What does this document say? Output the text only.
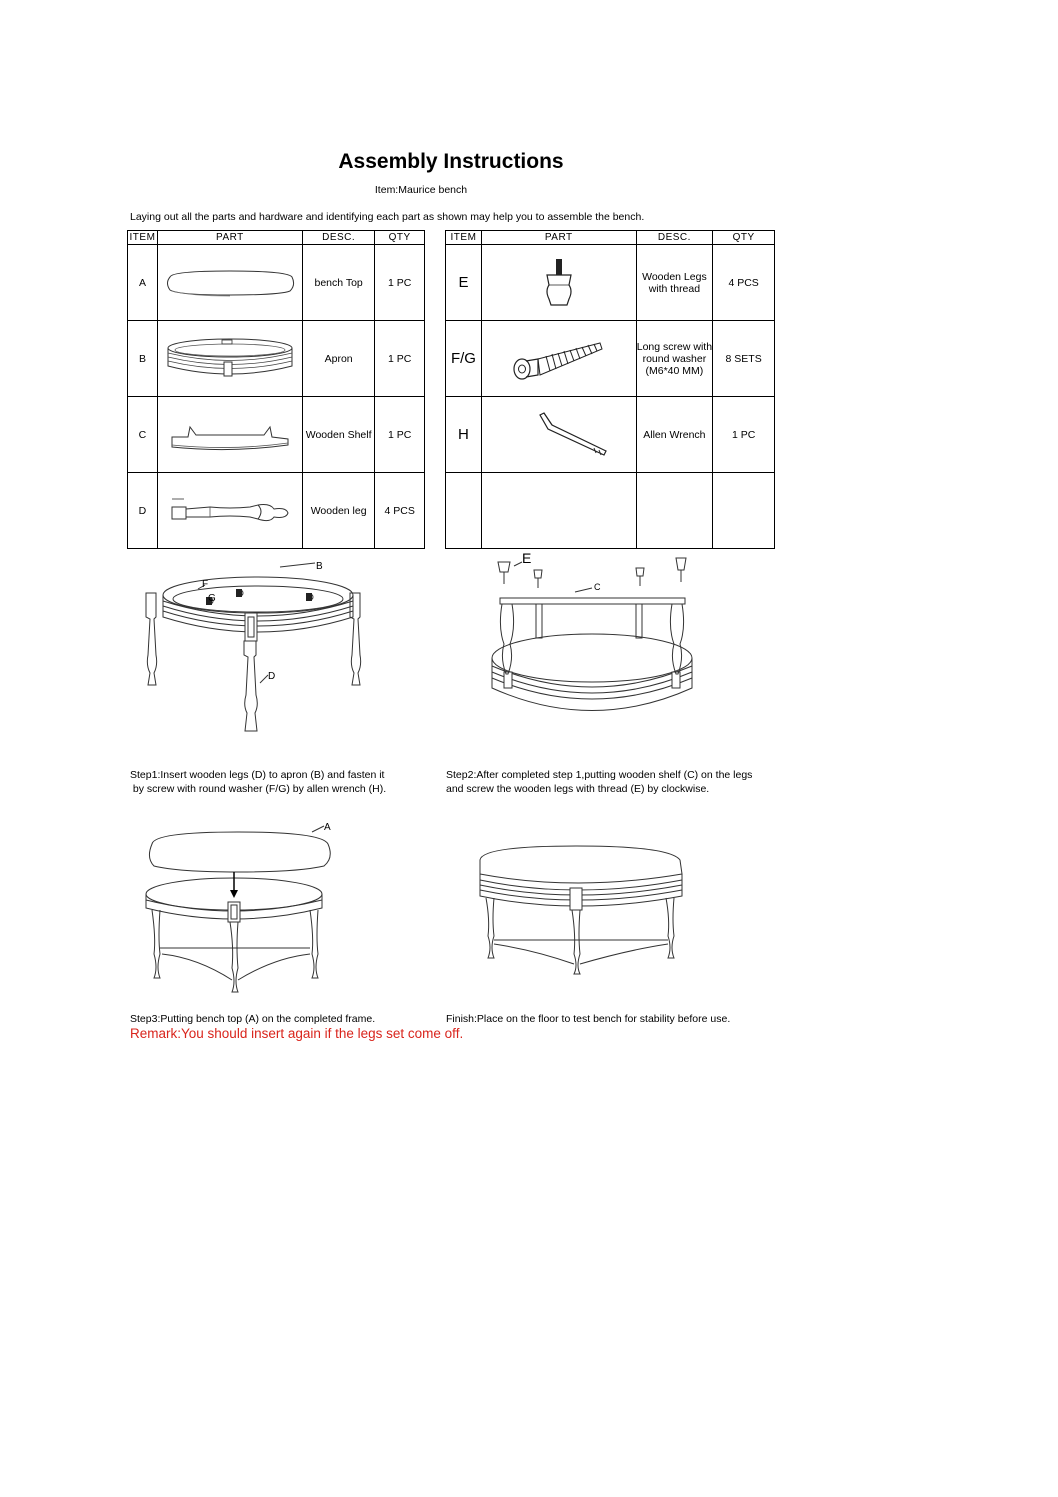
Assembly Instructions
Item:Maurice bench
Laying out all the parts and hardware and identifying each part as shown may help you to assemble the bench.
ITEM	PART	DESC.	QTY
A		bench Top	1 PC
B		Apron	1 PC
C		Wooden Shelf	1 PC
D		Wooden leg	4 PCS
ITEM	PART	DESC.	QTY
E		Wooden Legs with thread	4 PCS
F/G		Long screw with round washer (M6*40 MM)	8 SETS
H		Allen Wrench	1 PC

B
F
G
D
E
C
Step1:Insert wooden legs (D) to apron (B) and fasten it
by screw with round washer (F/G) by allen wrench (H).
Step2:After completed step 1,putting wooden shelf (C) on the legs
and screw the wooden legs with thread (E) by clockwise.
A
Step3:Putting bench top (A) on the completed frame.	Finish:Place on the floor to test bench for stability before use.
Remark:You should insert again if the legs set come off.
